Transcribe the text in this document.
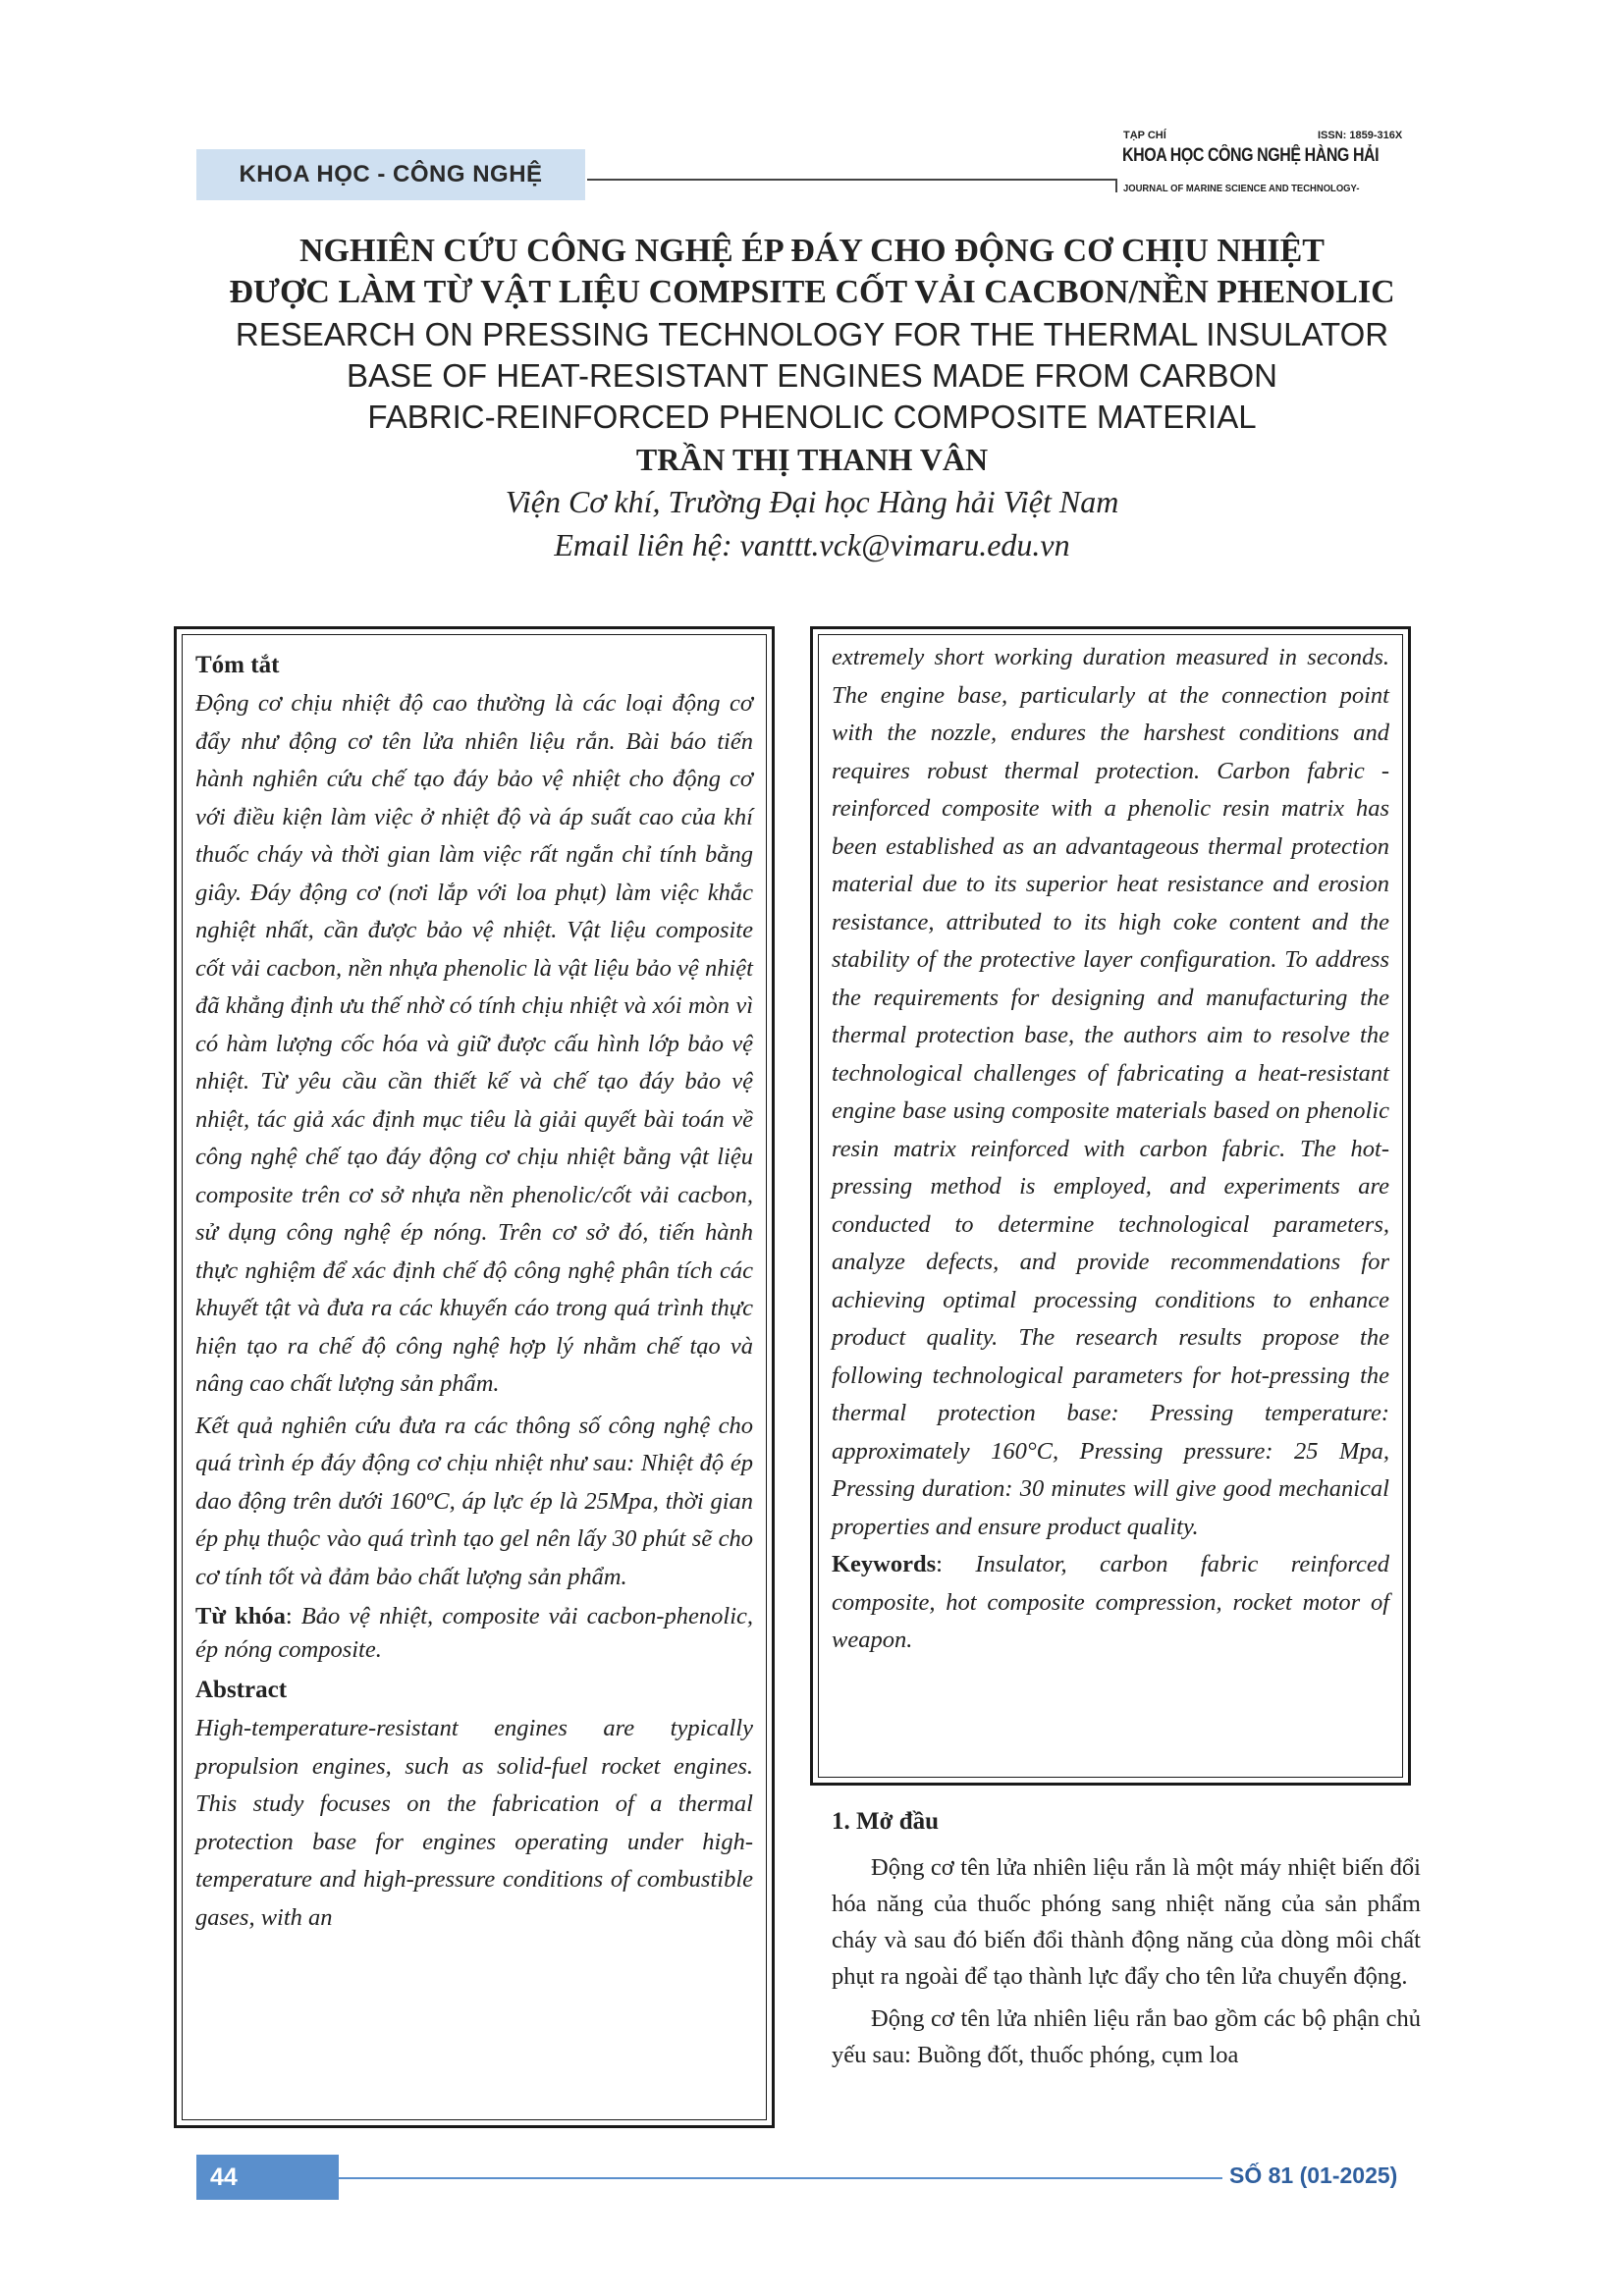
KHOA HỌC - CÔNG NGHỆ
TẠP CHÍ	ISSN: 1859-316X
KHOA HỌC CÔNG NGHỆ HÀNG HẢI
JOURNAL OF MARINE SCIENCE AND TECHNOLOGY-
NGHIÊN CỨU CÔNG NGHỆ ÉP ĐÁY CHO ĐỘNG CƠ CHỊU NHIỆT
ĐƯỢC LÀM TỪ VẬT LIỆU COMPSITE CỐT VẢI CACBON/NỀN PHENOLIC
RESEARCH ON PRESSING TECHNOLOGY FOR THE THERMAL INSULATOR
BASE OF HEAT-RESISTANT ENGINES MADE FROM CARBON
FABRIC-REINFORCED PHENOLIC COMPOSITE MATERIAL
TRẦN THỊ THANH VÂN
Viện Cơ khí, Trường Đại học Hàng hải Việt Nam
Email liên hệ: vanttt.vck@vimaru.edu.vn

Tóm tắt

Động cơ chịu nhiệt độ cao thường là các loại động cơ đẩy như động cơ tên lửa nhiên liệu rắn. Bài báo tiến hành nghiên cứu chế tạo đáy bảo vệ nhiệt cho động cơ với điều kiện làm việc ở nhiệt độ và áp suất cao của khí thuốc cháy và thời gian làm việc rất ngắn chỉ tính bằng giây. Đáy động cơ (nơi lắp với loa phụt) làm việc khắc nghiệt nhất, cần được bảo vệ nhiệt. Vật liệu composite cốt vải cacbon, nền nhựa phenolic là vật liệu bảo vệ nhiệt đã khẳng định ưu thế nhờ có tính chịu nhiệt và xói mòn vì có hàm lượng cốc hóa và giữ được cấu hình lớp bảo vệ nhiệt. Từ yêu cầu cần thiết kế và chế tạo đáy bảo vệ nhiệt, tác giả xác định mục tiêu là giải quyết bài toán về công nghệ chế tạo đáy động cơ chịu nhiệt bằng vật liệu composite trên cơ sở nhựa nền phenolic/cốt vải cacbon, sử dụng công nghệ ép nóng. Trên cơ sở đó, tiến hành thực nghiệm để xác định chế độ công nghệ phân tích các khuyết tật và đưa ra các khuyến cáo trong quá trình thực hiện tạo ra chế độ công nghệ hợp lý nhằm chế tạo và nâng cao chất lượng sản phẩm.

Kết quả nghiên cứu đưa ra các thông số công nghệ cho quá trình ép đáy động cơ chịu nhiệt như sau: Nhiệt độ ép dao động trên dưới 160ºC, áp lực ép là 25Mpa, thời gian ép phụ thuộc vào quá trình tạo gel nên lấy 30 phút sẽ cho cơ tính tốt và đảm bảo chất lượng sản phẩm.

Từ khóa: Bảo vệ nhiệt, composite vải cacbon-phenolic, ép nóng composite.

Abstract

High-temperature-resistant engines are typically propulsion engines, such as solid-fuel rocket engines. This study focuses on the fabrication of a thermal protection base for engines operating under high-temperature and high-pressure conditions of combustible gases, with an

extremely short working duration measured in seconds. The engine base, particularly at the connection point with the nozzle, endures the harshest conditions and requires robust thermal protection. Carbon fabric - reinforced composite with a phenolic resin matrix has been established as an advantageous thermal protection material due to its superior heat resistance and erosion resistance, attributed to its high coke content and the stability of the protective layer configuration. To address the requirements for designing and manufacturing the thermal protection base, the authors aim to resolve the technological challenges of fabricating a heat-resistant engine base using composite materials based on phenolic resin matrix reinforced with carbon fabric. The hot-pressing method is employed, and experiments are conducted to determine technological parameters, analyze defects, and provide recommendations for achieving optimal processing conditions to enhance product quality. The research results propose the following technological parameters for hot-pressing the thermal protection base: Pressing temperature: approximately 160°C, Pressing pressure: 25 Mpa, Pressing duration: 30 minutes will give good mechanical properties and ensure product quality.

Keywords: Insulator, carbon fabric reinforced composite, hot composite compression, rocket motor of weapon.

1. Mở đầu

Động cơ tên lửa nhiên liệu rắn là một máy nhiệt biến đổi hóa năng của thuốc phóng sang nhiệt năng của sản phẩm cháy và sau đó biến đổi thành động năng của dòng môi chất phụt ra ngoài để tạo thành lực đẩy cho tên lửa chuyển động.

Động cơ tên lửa nhiên liệu rắn bao gồm các bộ phận chủ yếu sau: Buồng đốt, thuốc phóng, cụm loa

44	SỐ 81 (01-2025)
